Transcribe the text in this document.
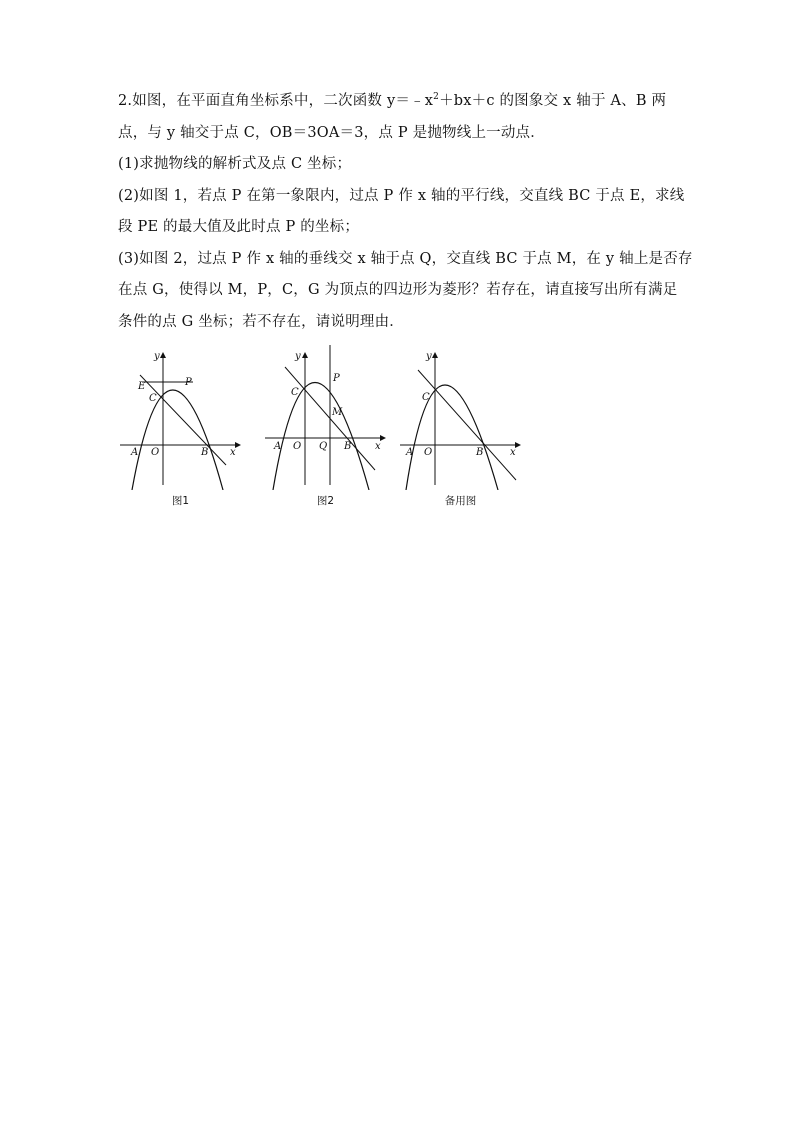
2.如图，在平面直角坐标系中，二次函数 $y=﹣x^2+bx+c$ 的图象交 x 轴于 A、B 两

点，与 y 轴交于点 C，OB＝3OA＝3，点 P 是抛物线上一动点．

(1)求抛物线的解析式及点 C 坐标；

(2)如图 1，若点 P 在第一象限内，过点 P 作 x 轴的平行线，交直线 BC 于点 E，求线

段 PE 的最大值及此时点 P 的坐标；

(3)如图 2，过点 P 作 x 轴的垂线交 x 轴于点 Q，交直线 BC 于点 M，在 y 轴上是否存

在点 G，使得以 M，P，C，G 为顶点的四边形为菱形？若存在，请直接写出所有满足

条件的点 G 坐标；若不存在，请说明理由．

x
y
E
C
P
A O	B
图1
x
y
C
P
M
A O Q B
图2
x
y
C
A O	B
备用图
